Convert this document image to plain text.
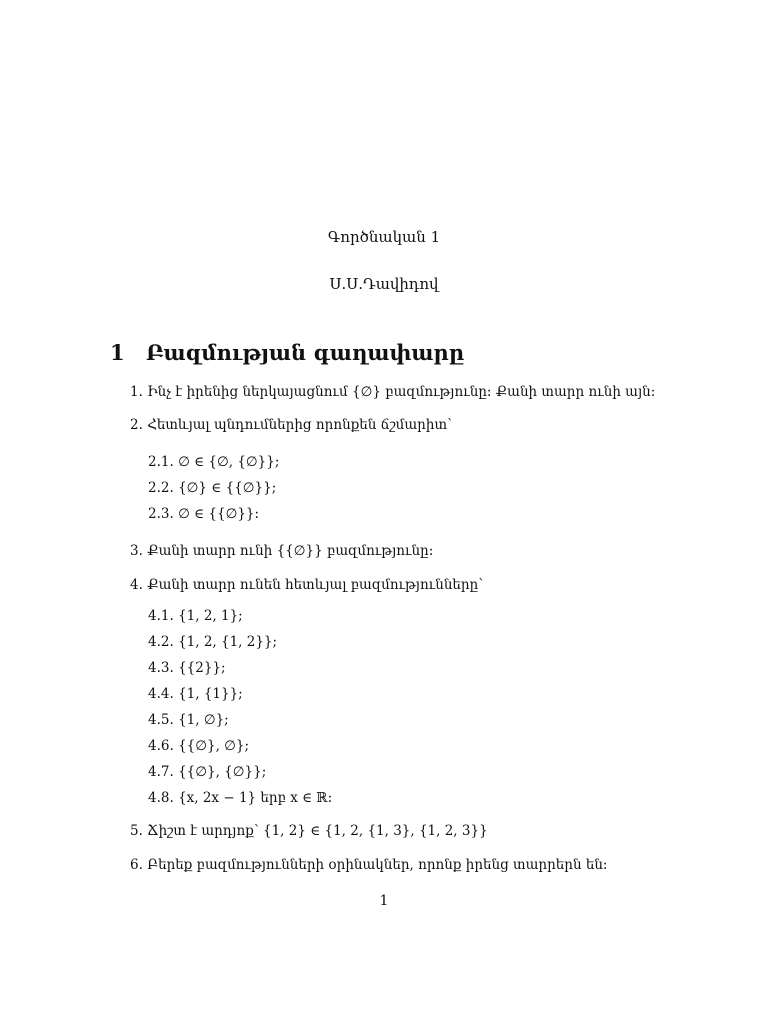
Գործնական 1
Ս.Ս.Դավիդով
1 Բազմության գաղափարը
1. Ինչ է իրենից ներկայացնում {∅} բազմությունը: Քանի տարր ունի այն:
2. Հետևյալ պնդումներից որոնքեն ճշմարիտ՝
2.1. ∅ ∈ {∅, {∅}};
2.2. {∅} ∈ {{∅}};
2.3. ∅ ∈ {{∅}}:
3. Քանի տարր ունի {{∅}} բազմությունը:
4. Քանի տարր ունեն հետևյալ բազմությունները՝
4.1. {1, 2, 1};
4.2. {1, 2, {1, 2}};
4.3. {{2}};
4.4. {1, {1}};
4.5. {1, ∅};
4.6. {{∅}, ∅};
4.7. {{∅}, {∅}};
4.8. {x, 2x − 1} երբ x ∈ ℝ:
5. Ճիշտ է արդյոք՝ {1, 2} ∈ {1, 2, {1, 3}, {1, 2, 3}}
6. Բերեք բազմությունների օրինակներ, որոնք իրենց տարրերն են:
1
